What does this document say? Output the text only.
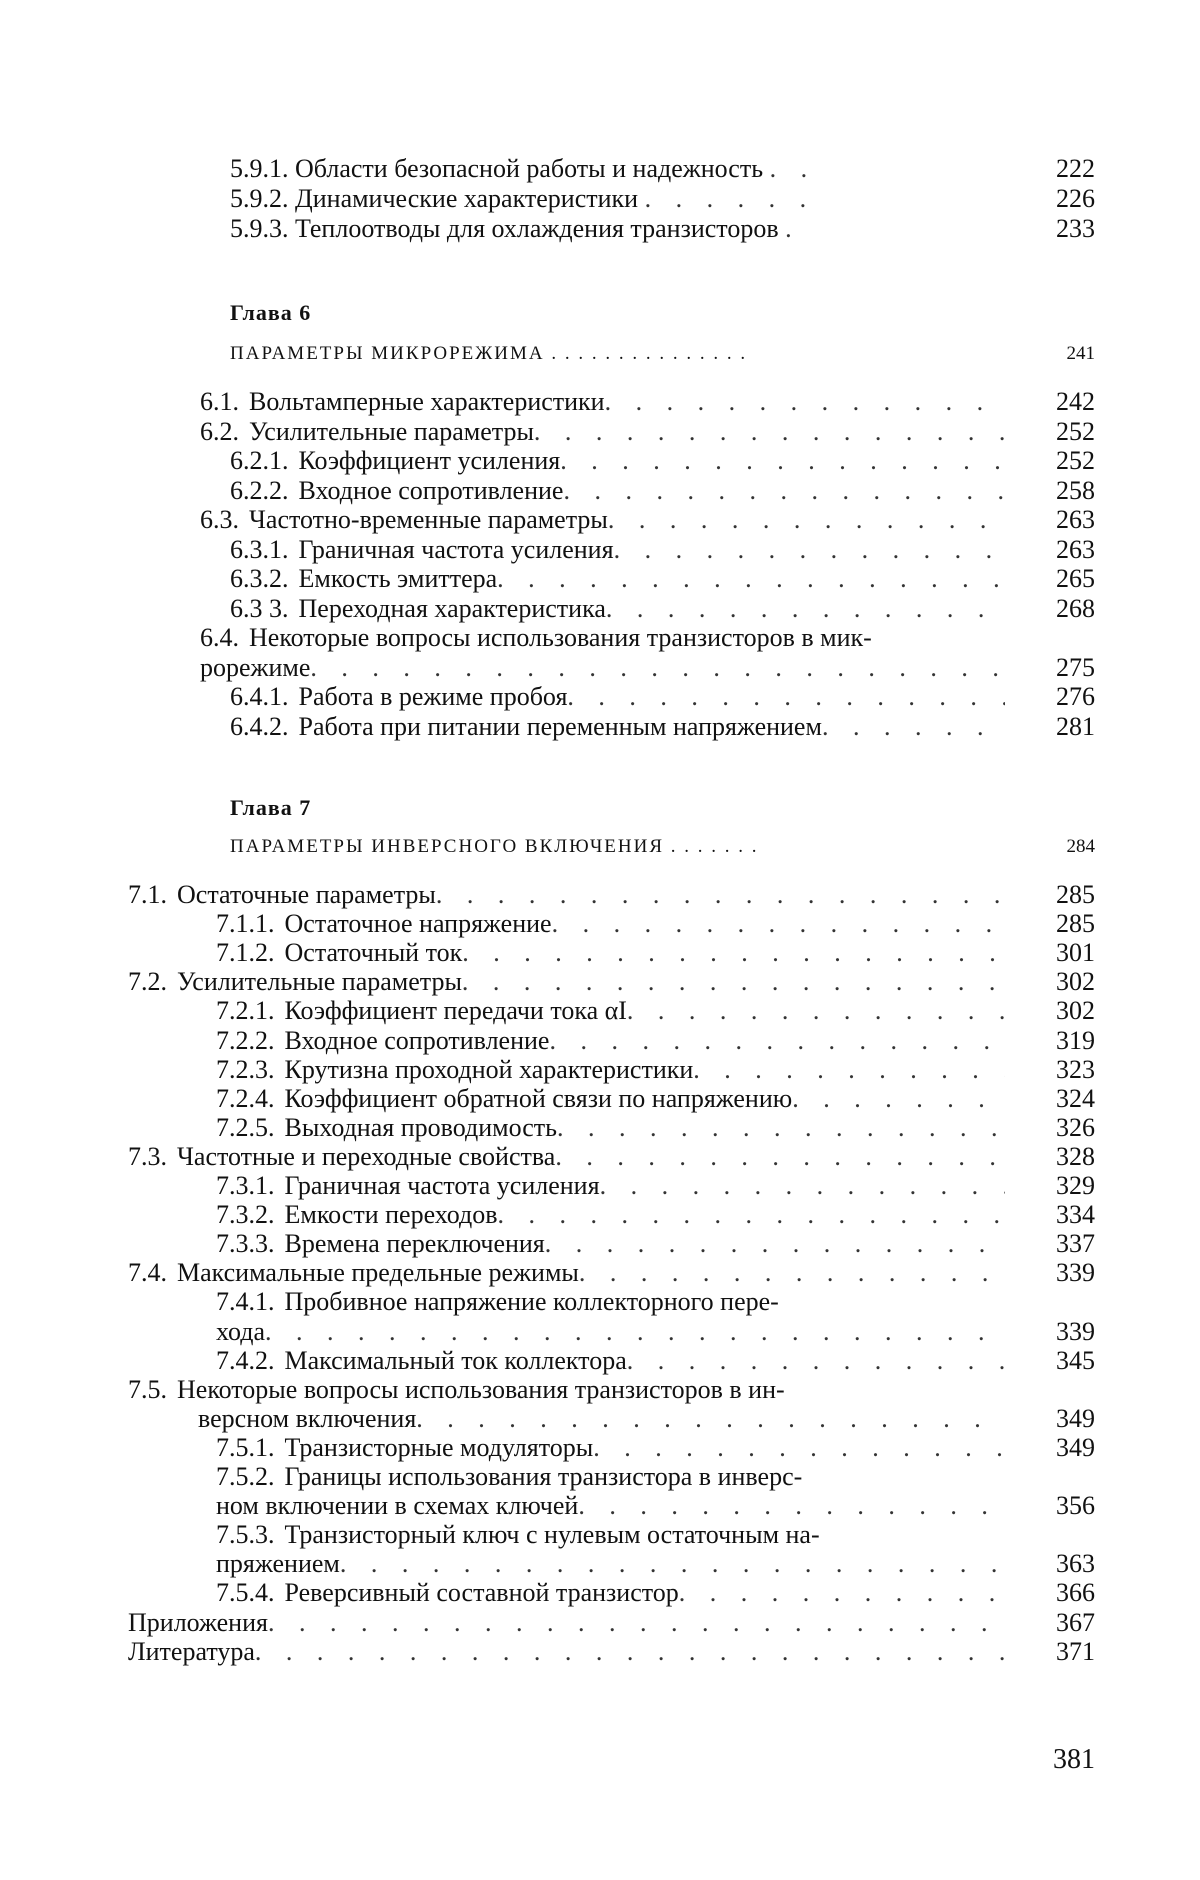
5.9.1. Области безопасной работы и надежность . .	222
5.9.2. Динамические характеристики . . . . . .	226
5.9.3. Теплоотводы для охлаждения транзисторов .	233
Глава 6
ПАРАМЕТРЫ МИКРОРЕЖИМА . . . . . . . . . . . . . . .	241
242
6.1. Вольтамперные характеристики. . . . . . . . . . . . .
252
6.2. Усилительные параметры. . . . . . . . . . . . . . .
252
6.2.1. Коэффициент усиления. . . . . . . . . . . . . .
258
6.2.2. Входное сопротивление. . . . . . . . . . . . . .
263
6.3. Частотно-временные параметры. . . . . . . . . . . . .
263
6.3.1. Граничная частота усиления. . . . . . . . . . . . .
265
6.3.2. Емкость эмиттера. . . . . . . . . . . . . . . .
268
6.3 3. Переходная характеристика. . . . . . . . . . . . .
6.4. Некоторые вопросы использования транзисторов в мик-
275
рорежиме. . . . . . . . . . . . . . . . . . . . . .
276
6.4.1. Работа в режиме пробоя. . . . . . . . . . . . . .
281
6.4.2. Работа при питании переменным напряжением. . . . . .
Глава 7
ПАРАМЕТРЫ ИНВЕРСНОГО ВКЛЮЧЕНИЯ . . . . . . .	284
285
7.1. Остаточные параметры. . . . . . . . . . . . . . . . . .
285
7.1.1. Остаточное напряжение. . . . . . . . . . . . . . .
301
7.1.2. Остаточный ток. . . . . . . . . . . . . . . . . .
302
7.2. Усилительные параметры. . . . . . . . . . . . . . . . . .
302
7.2.1. Коэффициент передачи тока αI. . . . . . . . . . . .
319
7.2.2. Входное сопротивление. . . . . . . . . . . . . . .
323
7.2.3. Крутизна проходной характеристики. . . . . . . . . .
324
7.2.4. Коэффициент обратной связи по напряжению. . . . . . .
326
7.2.5. Выходная проводимость. . . . . . . . . . . . . . .
328
7.3. Частотные и переходные свойства. . . . . . . . . . . . . . .
329
7.3.1. Граничная частота усиления. . . . . . . . . . . . .
334
7.3.2. Емкости переходов. . . . . . . . . . . . . . . .
337
7.3.3. Времена переключения. . . . . . . . . . . . . . .
339
7.4. Максимальные предельные режимы. . . . . . . . . . . . . .
7.4.1. Пробивное напряжение коллекторного пере-
339
хода. . . . . . . . . . . . . . . . . . . . . . . .
345
7.4.2. Максимальный ток коллектора. . . . . . . . . . . .
7.5. Некоторые вопросы использования транзисторов в ин-
349
версном включения. . . . . . . . . . . . . . . . . . .
349
7.5.1. Транзисторные модуляторы. . . . . . . . . . . . .
7.5.2. Границы использования транзистора в инверс-
356
ном включении в схемах ключей. . . . . . . . . . . . . .
7.5.3. Транзисторный ключ с нулевым остаточным на-
363
пряжением. . . . . . . . . . . . . . . . . . . . . .
366
7.5.4. Реверсивный составной транзистор. . . . . . . . . . .
367
Приложения. . . . . . . . . . . . . . . . . . . . . . . .
371
Литература. . . . . . . . . . . . . . . . . . . . . . . .
381
